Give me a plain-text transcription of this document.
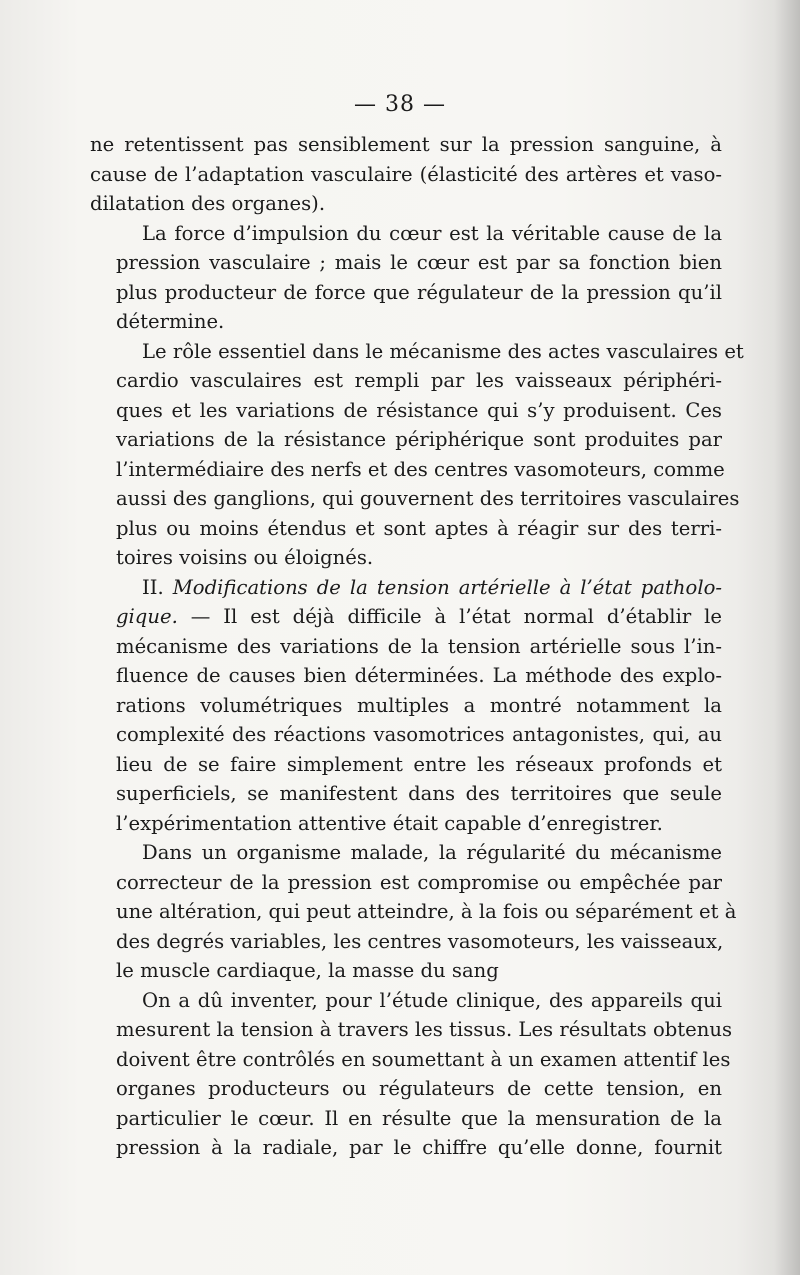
— 38 —
ne retentissent pas sensiblement sur la pression sanguine, à
cause de l’adaptation vasculaire (élasticité des artères et vaso-
dilatation des organes).
La force d’impulsion du cœur est la véritable cause de la
pression vasculaire ; mais le cœur est par sa fonction bien
plus producteur de force que régulateur de la pression qu’il
détermine.
Le rôle essentiel dans le mécanisme des actes vasculaires et
cardio vasculaires est rempli par les vaisseaux périphéri-
ques et les variations de résistance qui s’y produisent. Ces
variations de la résistance périphérique sont produites par
l’intermédiaire des nerfs et des centres vasomoteurs, comme
aussi des ganglions, qui gouvernent des territoires vasculaires
plus ou moins étendus et sont aptes à réagir sur des terri-
toires voisins ou éloignés.
II. Modifications de la tension artérielle à l’état patholo-
gique. — Il est déjà difficile à l’état normal d’établir le
mécanisme des variations de la tension artérielle sous l’in-
fluence de causes bien déterminées. La méthode des explo-
rations volumétriques multiples a montré notamment la
complexité des réactions vasomotrices antagonistes, qui, au
lieu de se faire simplement entre les réseaux profonds et
superficiels, se manifestent dans des territoires que seule
l’expérimentation attentive était capable d’enregistrer.
Dans un organisme malade, la régularité du mécanisme
correcteur de la pression est compromise ou empêchée par
une altération, qui peut atteindre, à la fois ou séparément et à
des degrés variables, les centres vasomoteurs, les vaisseaux,
le muscle cardiaque, la masse du sang
On a dû inventer, pour l’étude clinique, des appareils qui
mesurent la tension à travers les tissus. Les résultats obtenus
doivent être contrôlés en soumettant à un examen attentif les
organes producteurs ou régulateurs de cette tension, en
particulier le cœur. Il en résulte que la mensuration de la
pression à la radiale, par le chiffre qu’elle donne, fournit
